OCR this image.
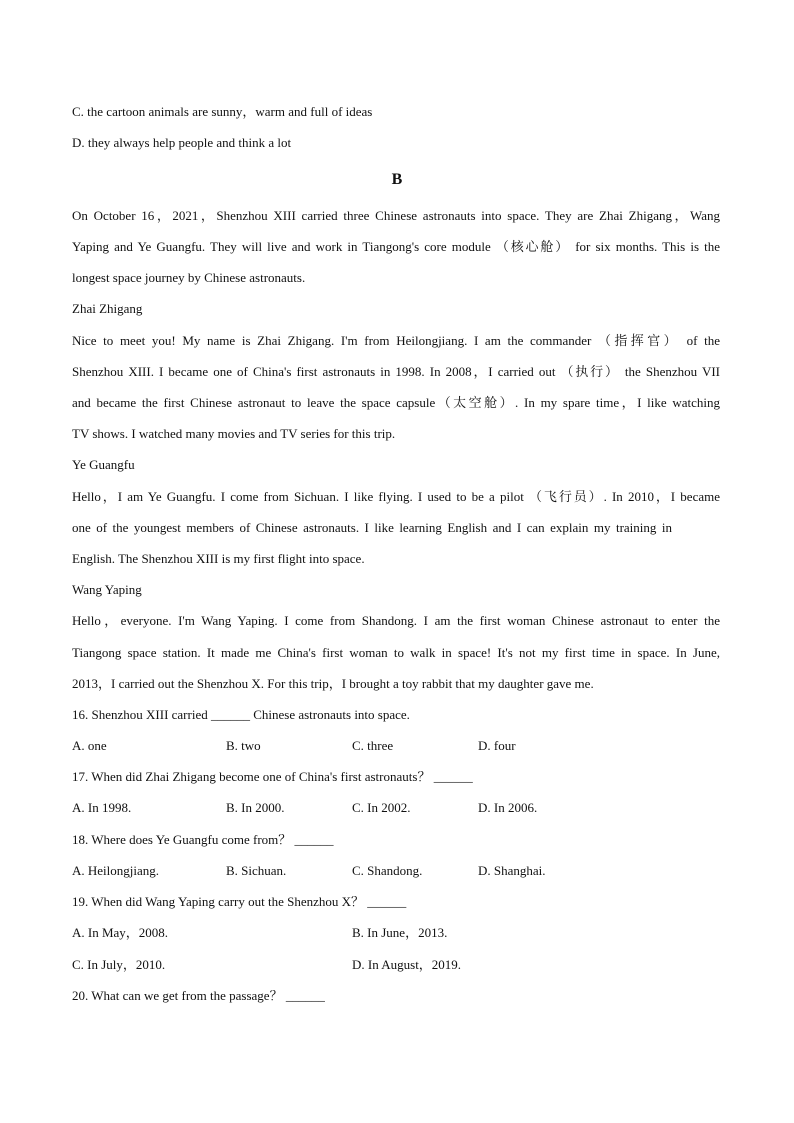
C. the cartoon animals are sunny，warm and full of ideas
D. they always help people and think a lot
B
On October 16，2021，Shenzhou XIII carried three Chinese astronauts into space. They are Zhai Zhigang，Wang
Yaping and Ye Guangfu. They will live and work in Tiangong's core module （核心舱） for six months. This is the
longest space journey by Chinese astronauts.
Zhai Zhigang
Nice to meet you! My name is Zhai Zhigang. I'm from Heilongjiang. I am the commander （指挥官） of the
Shenzhou XIII. I became one of China's first astronauts in 1998. In 2008，I carried out （执行） the Shenzhou VII
and became the first Chinese astronaut to leave the space capsule（太空舱）. In my spare time，I like watching
TV shows. I watched many movies and TV series for this trip.
Ye Guangfu
Hello，I am Ye Guangfu. I come from Sichuan. I like flying. I used to be a pilot （飞行员）. In 2010，I became
one of the youngest members of Chinese astronauts. I like learning English and I can explain my training in
English. The Shenzhou XIII is my first flight into space.
Wang Yaping
Hello，everyone. I'm Wang Yaping. I come from Shandong. I am the first woman Chinese astronaut to enter the
Tiangong space station. It made me China's first woman to walk in space! It's not my first time in space. In June,
2013，I carried out the Shenzhou X. For this trip，I brought a toy rabbit that my daughter gave me.
16. Shenzhou XIII carried ______ Chinese astronauts into space.
A. one	B. two	C. three	D. four
17. When did Zhai Zhigang become one of China's first astronauts？ ______
A. In 1998.	B. In 2000.	C. In 2002.	D. In 2006.
18. Where does Ye Guangfu come from？ ______
A. Heilongjiang.	B. Sichuan.	C. Shandong.	D. Shanghai.
19. When did Wang Yaping carry out the Shenzhou X？ ______
A. In May，2008.	B. In June，2013.
C. In July，2010.	D. In August，2019.
20. What can we get from the passage？ ______
